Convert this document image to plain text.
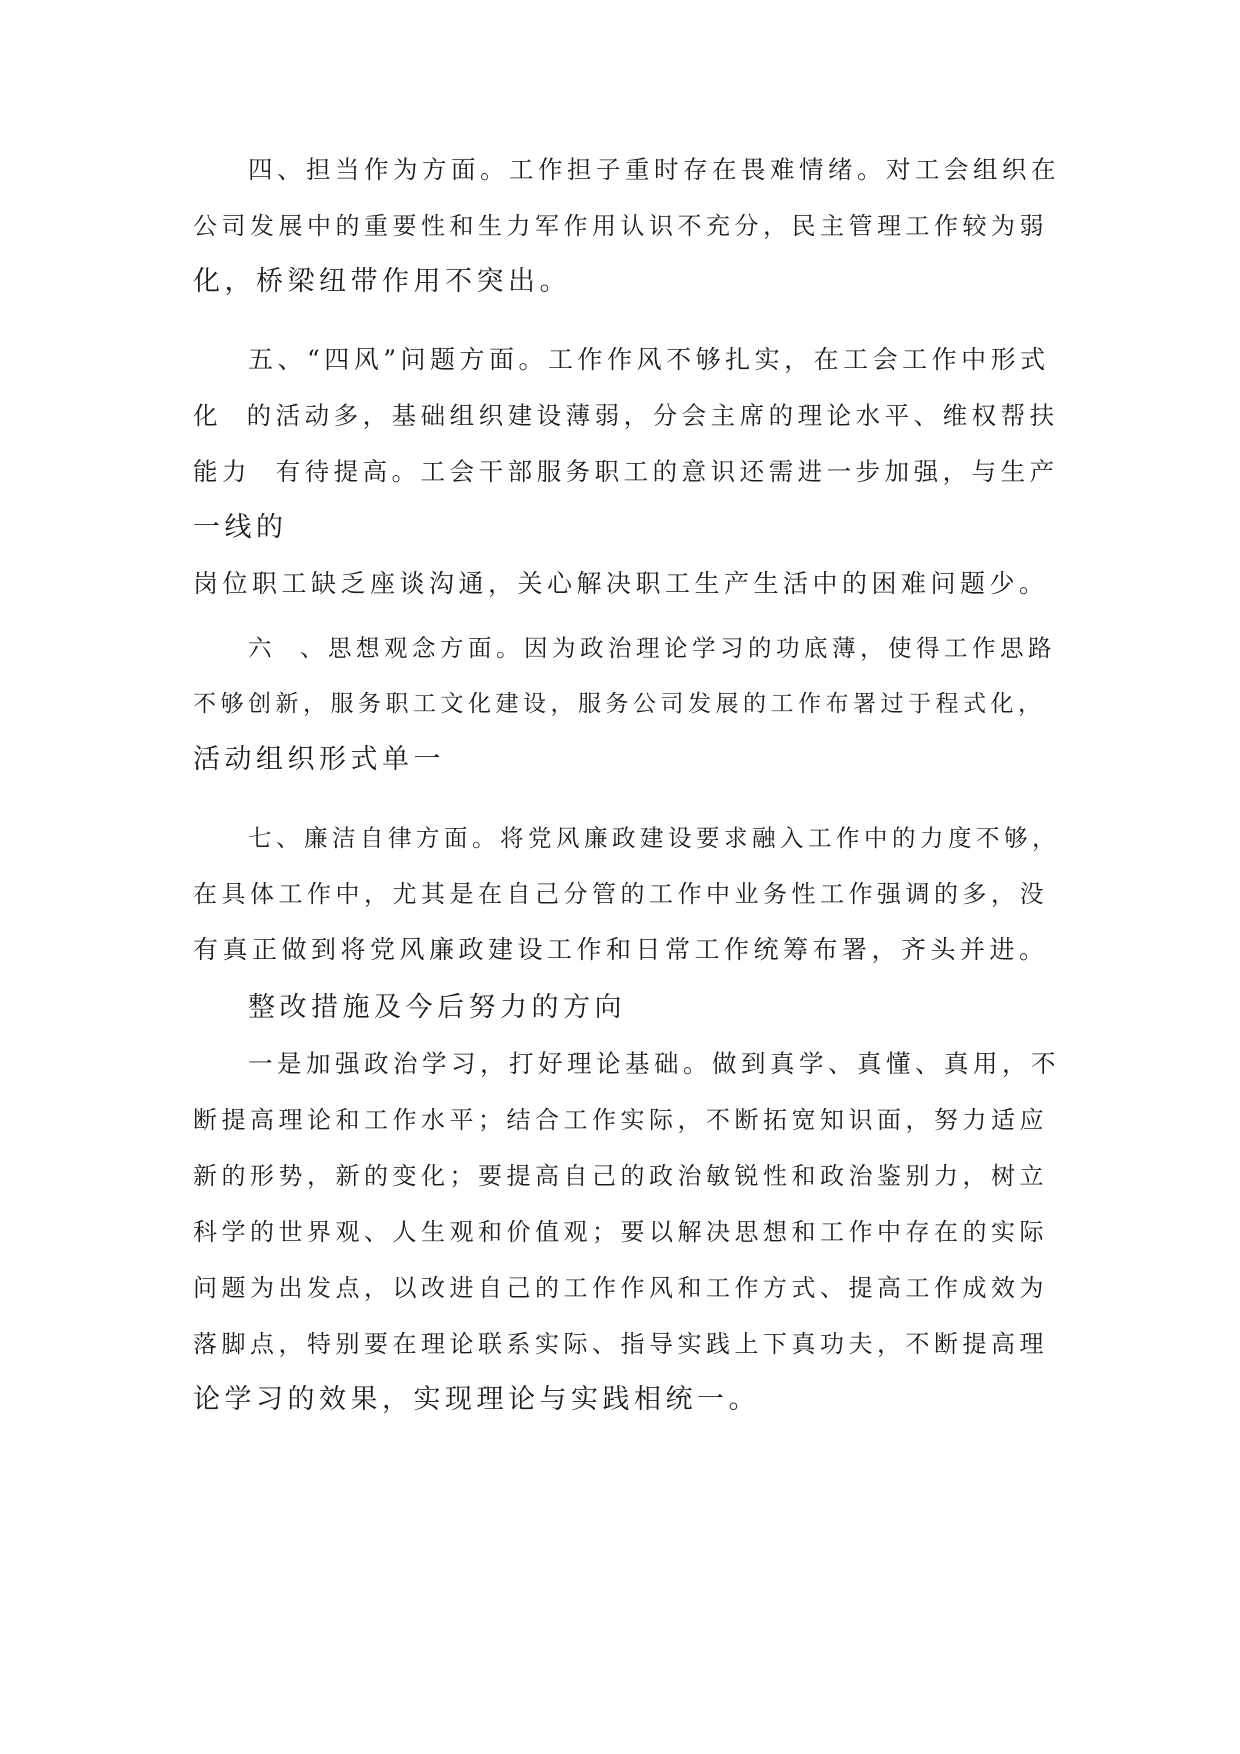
四、担当作为方面。工作担子重时存在畏难情绪。对工会组织在

公司发展中的重要性和生力军作用认识不充分，民主管理工作较为弱

化，桥梁纽带作用不突出。

五、“四风”问题方面。工作作风不够扎实，在工会工作中形式

化  的活动多，基础组织建设薄弱，分会主席的理论水平、维权帮扶

能力  有待提高。工会干部服务职工的意识还需进一步加强，与生产

一线的

岗位职工缺乏座谈沟通，关心解决职工生产生活中的困难问题少。

六  、思想观念方面。因为政治理论学习的功底薄，使得工作思路

不够创新，服务职工文化建设，服务公司发展的工作布署过于程式化，

活动组织形式单一

七、廉洁自律方面。将党风廉政建设要求融入工作中的力度不够，

在具体工作中，尤其是在自己分管的工作中业务性工作强调的多，没

有真正做到将党风廉政建设工作和日常工作统筹布署，齐头并进。

整改措施及今后努力的方向

一是加强政治学习，打好理论基础。做到真学、真懂、真用，不

断提高理论和工作水平；结合工作实际，不断拓宽知识面，努力适应

新的形势，新的变化；要提高自己的政治敏锐性和政治鉴别力，树立

科学的世界观、人生观和价值观；要以解决思想和工作中存在的实际

问题为出发点，以改进自己的工作作风和工作方式、提高工作成效为

落脚点，特别要在理论联系实际、指导实践上下真功夫，不断提高理

论学习的效果，实现理论与实践相统一。
